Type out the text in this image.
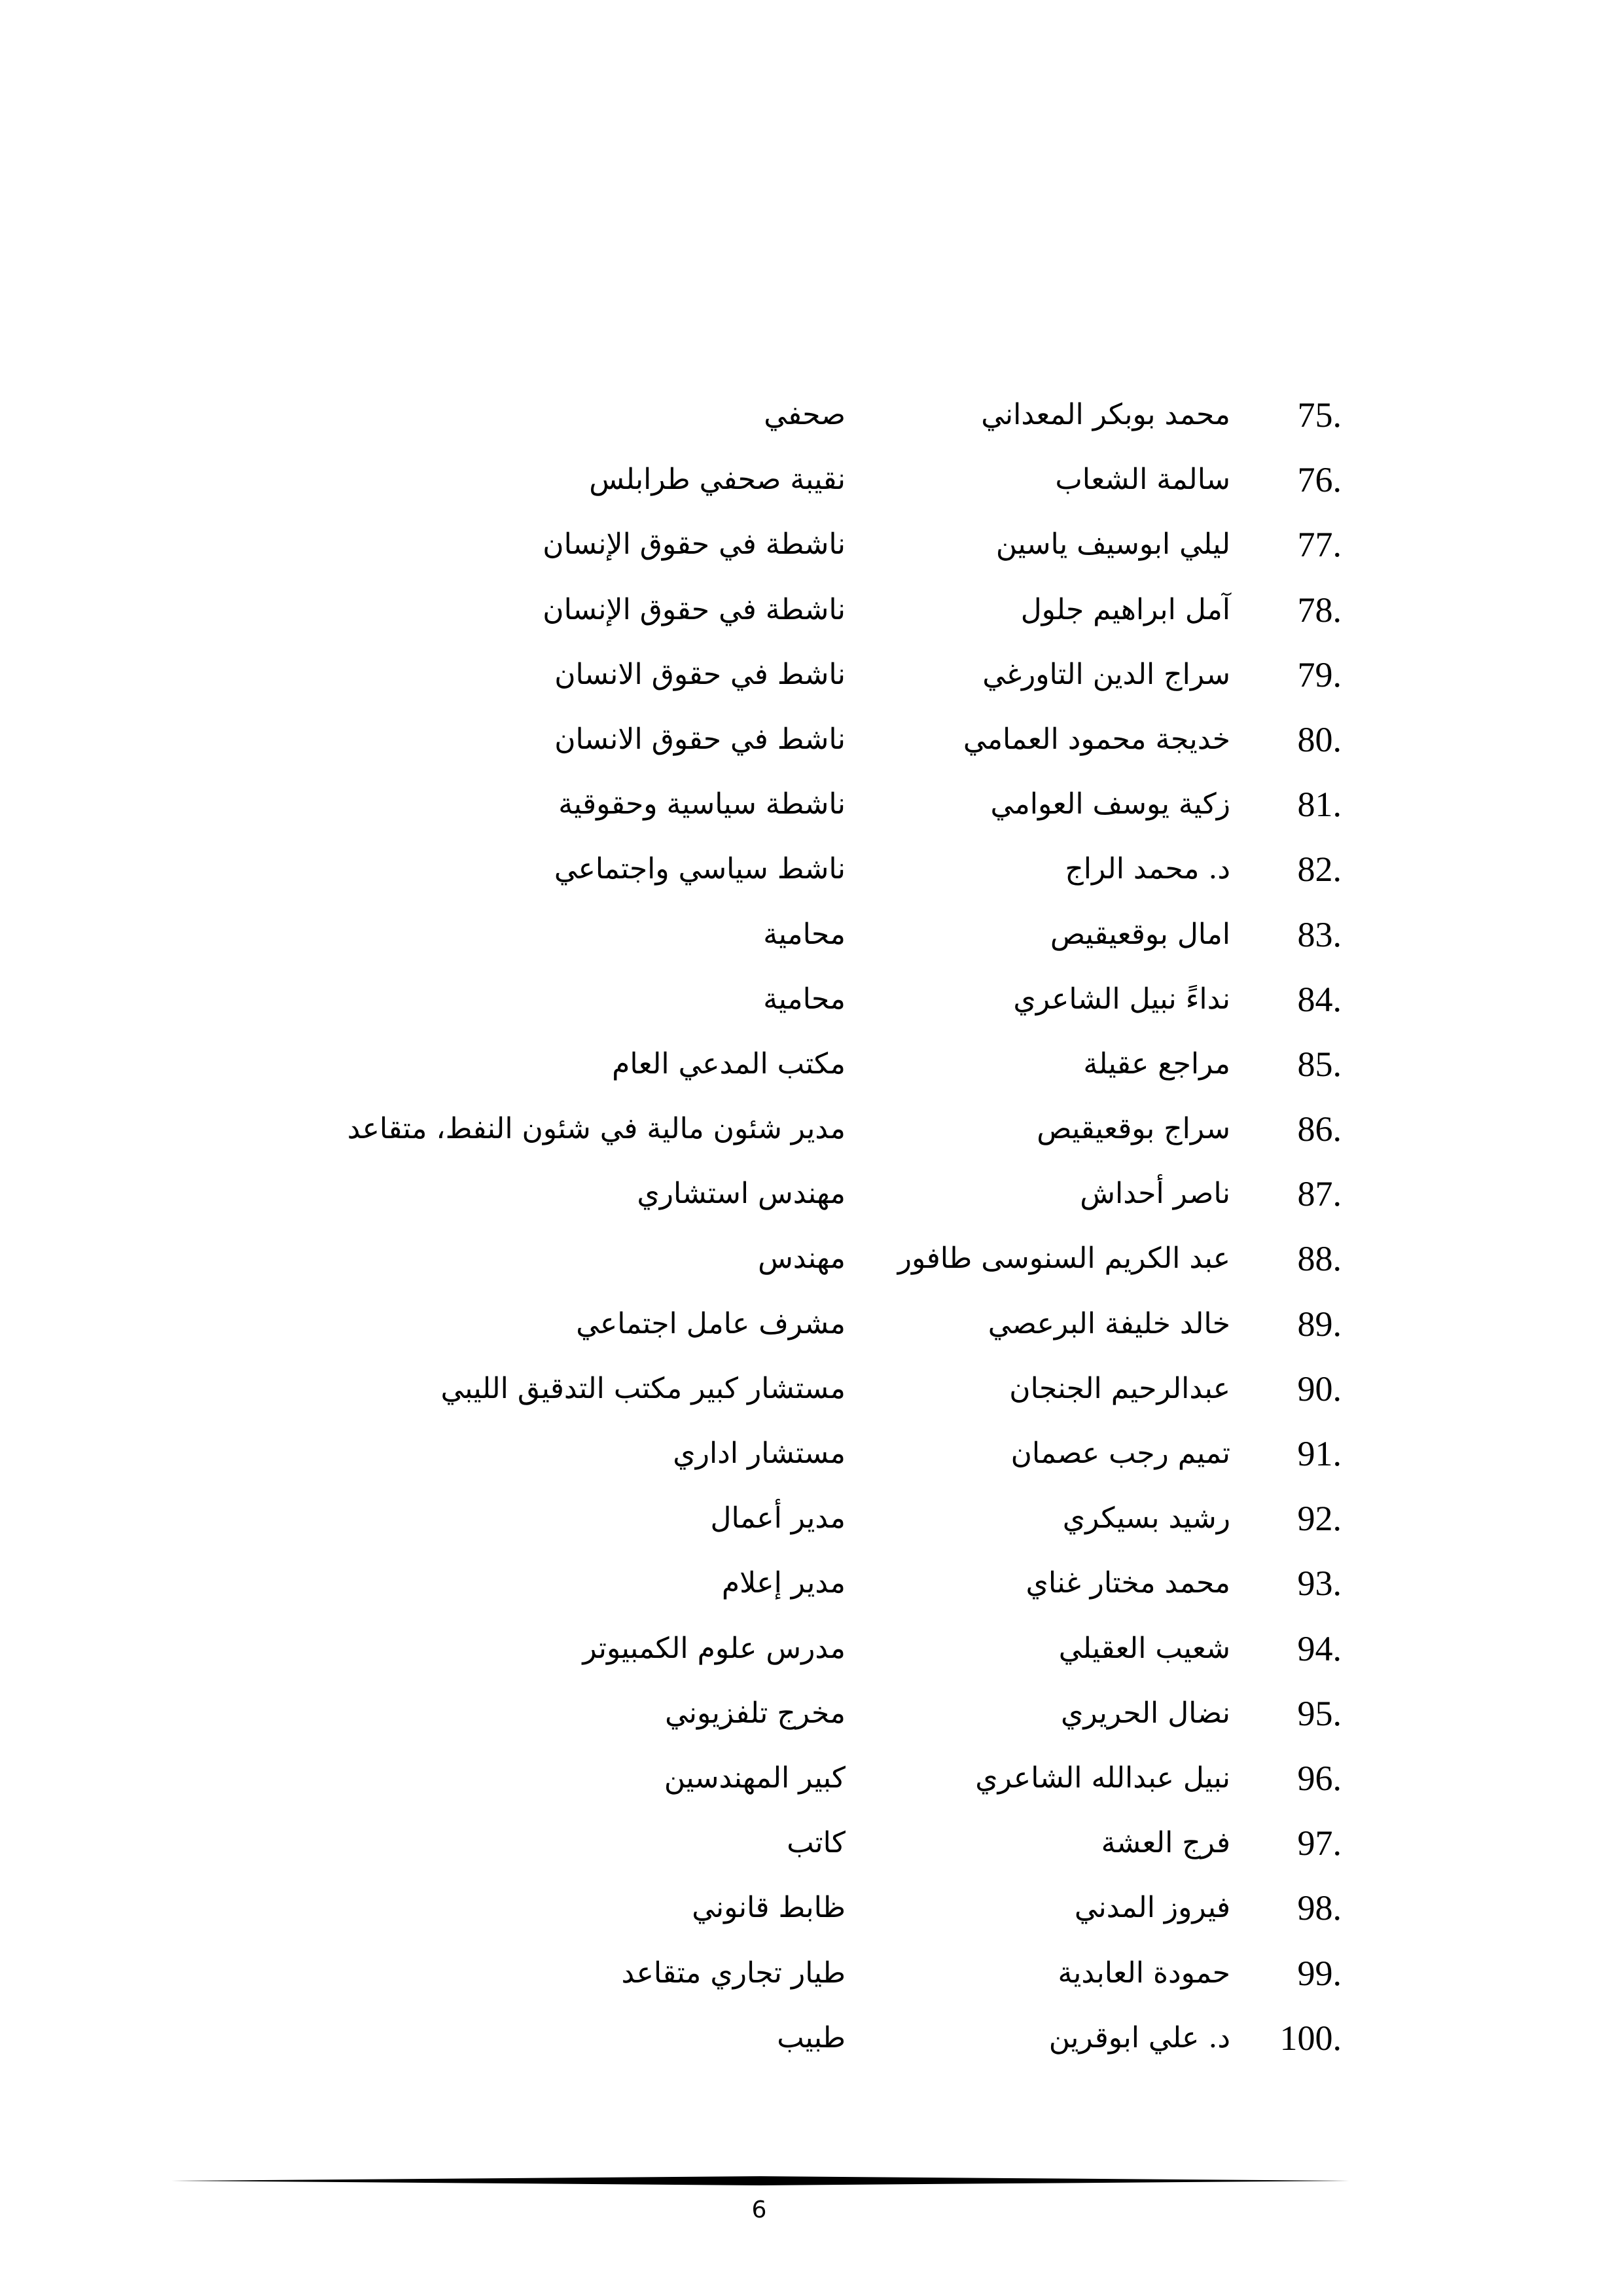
75.
محمد بوبكر المعداني
صحفي
76.
سالمة الشعاب
نقيبة صحفي طرابلس
77.
ليلي ابوسيف ياسين
ناشطة في حقوق الإنسان
78.
آمل ابراهيم جلول
ناشطة في حقوق الإنسان
79.
سراج الدين التاورغي
ناشط في حقوق الانسان
80.
خديجة محمود العمامي
ناشط في حقوق الانسان
81.
زكية يوسف العوامي
ناشطة سياسية وحقوقية
82.
د. محمد الراج
ناشط سياسي واجتماعي
83.
امال بوقعيقيص
محامية
84.
نداءً نبيل الشاعري
محامية
85.
مراجع عقيلة
مكتب المدعي العام
86.
سراج بوقعيقيص
مدير شئون مالية في شئون النفط، متقاعد
87.
ناصر أحداش
مهندس استشاري
88.
عبد الكريم السنوسى طافور
مهندس
89.
خالد خليفة البرعصي
مشرف عامل اجتماعي
90.
عبدالرحيم الجنجان
مستشار كبير مكتب التدقيق الليبي
91.
تميم رجب عصمان
مستشار اداري
92.
رشيد بسيكري
مدير أعمال
93.
محمد مختار غناي
مدير إعلام
94.
شعيب العقيلي
مدرس علوم الكمبيوتر
95.
نضال الحريري
مخرج تلفزيوني
96.
نبيل عبدالله الشاعري
كبير المهندسين
97.
فرج العشة
كاتب
98.
فيروز المدني
ظابط قانوني
99.
حمودة العابدية
طيار تجاري متقاعد
100.
د. علي ابوقرين
طبيب
6
